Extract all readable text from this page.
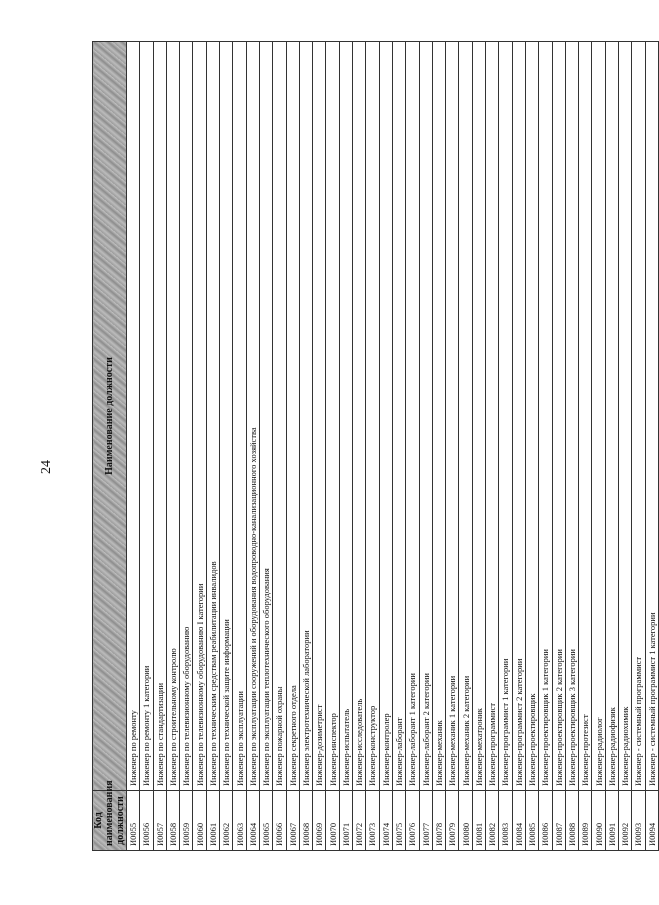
24
Код наименования должности	Наименование должности
И0055	Инженер по ремонту
И0056	Инженер по ремонту 1 категории
И0057	Инженер по стандартизации
И0058	Инженер по строительному контролю
И0059	Инженер по телевизионному оборудованию
И0060	Инженер по телевизионному оборудованию I категории
И0061	Инженер по техническим средствам реабилитации инвалидов
И0062	Инженер по технической защите информации
И0063	Инженер по эксплуатации
И0064	Инженер по эксплуатации сооружений и оборудования водопроводно-канализационного хозяйства
И0065	Инженер по эксплуатации теплотехнического оборудования
И0066	Инженер пожарной охраны
И0067	Инженер секретного отдела
И0068	Инженер электротехнической лаборатории
И0069	Инженер-дозиметрист
И0070	Инженер-инспектор
И0071	Инженер-испытатель
И0072	Инженер-исследователь
И0073	Инженер-конструктор
И0074	Инженер-контролер
И0075	Инженер-лаборант
И0076	Инженер-лаборант 1 категории
И0077	Инженер-лаборант 2 категории
И0078	Инженер-механик
И0079	Инженер-механик 1 категории
И0080	Инженер-механик 2 категории
И0081	Инженер-мехатроник
И0082	Инженер-программист
И0083	Инженер-программист 1 категории
И0084	Инженер-программист 2 категории
И0085	Инженер-проектировщик
И0086	Инженер-проектировщик 1 категории
И0087	Инженер-проектировщик 2 категории
И0088	Инженер-проектировщик 3 категории
И0089	Инженер-протезист
И0090	Инженер-радиолог
И0091	Инженер-радиофизик
И0092	Инженер-радиохимик
И0093	Инженер - системный программист
И0094	Инженер - системный программист 1 категории
